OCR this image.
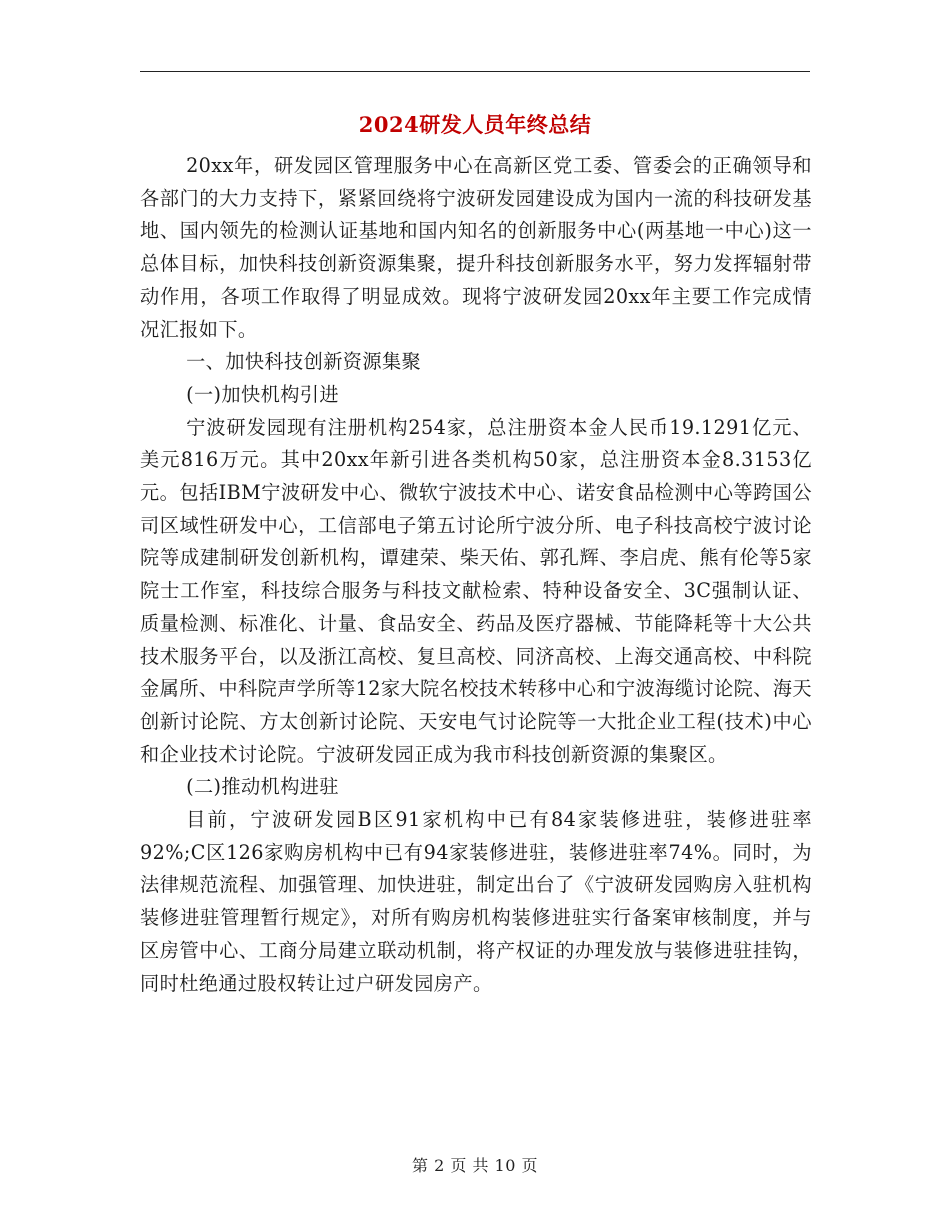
2024研发人员年终总结

20xx年，研发园区管理服务中心在高新区党工委、管委会的正确领导和各部门的大力支持下，紧紧回绕将宁波研发园建设成为国内一流的科技研发基地、国内领先的检测认证基地和国内知名的创新服务中心(两基地一中心)这一总体目标，加快科技创新资源集聚，提升科技创新服务水平，努力发挥辐射带动作用，各项工作取得了明显成效。现将宁波研发园20xx年主要工作完成情况汇报如下。

一、加快科技创新资源集聚

(一)加快机构引进

宁波研发园现有注册机构254家，总注册资本金人民币19.1291亿元、美元816万元。其中20xx年新引进各类机构50家，总注册资本金8.3153亿元。包括IBM宁波研发中心、微软宁波技术中心、诺安食品检测中心等跨国公司区域性研发中心，工信部电子第五讨论所宁波分所、电子科技高校宁波讨论院等成建制研发创新机构，谭建荣、柴天佑、郭孔辉、李启虎、熊有伦等5家院士工作室，科技综合服务与科技文献检索、特种设备安全、3C强制认证、质量检测、标准化、计量、食品安全、药品及医疗器械、节能降耗等十大公共技术服务平台，以及浙江高校、复旦高校、同济高校、上海交通高校、中科院金属所、中科院声学所等12家大院名校技术转移中心和宁波海缆讨论院、海天创新讨论院、方太创新讨论院、天安电气讨论院等一大批企业工程(技术)中心和企业技术讨论院。宁波研发园正成为我市科技创新资源的集聚区。

(二)推动机构进驻

目前，宁波研发园B区91家机构中已有84家装修进驻，装修进驻率92%;C区126家购房机构中已有94家装修进驻，装修进驻率74%。同时，为法律规范流程、加强管理、加快进驻，制定出台了《宁波研发园购房入驻机构装修进驻管理暂行规定》，对所有购房机构装修进驻实行备案审核制度，并与区房管中心、工商分局建立联动机制，将产权证的办理发放与装修进驻挂钩，同时杜绝通过股权转让过户研发园房产。

第 2 页 共 10 页
